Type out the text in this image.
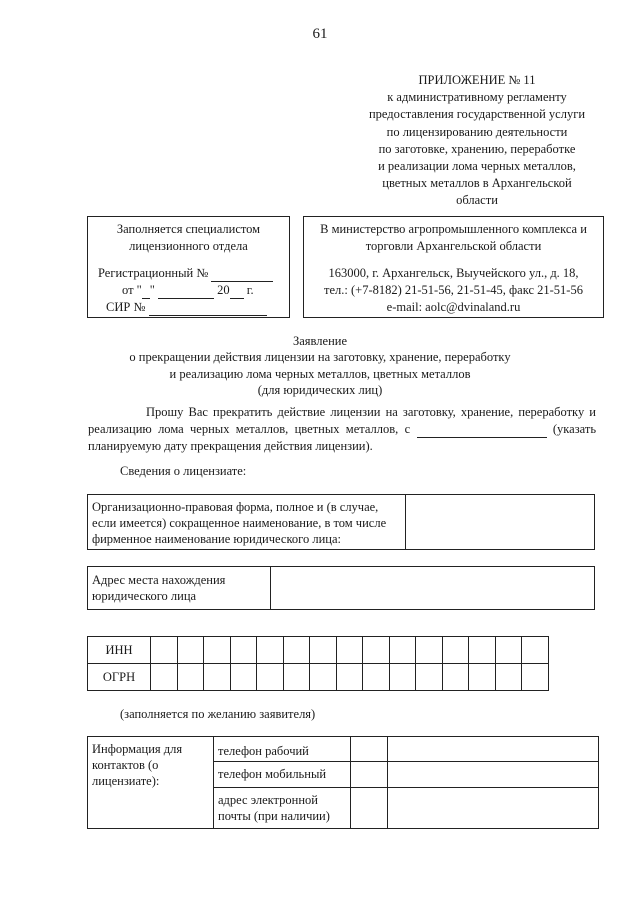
61
ПРИЛОЖЕНИЕ № 11
к административному регламенту
предоставления государственной услуги
по лицензированию деятельности
по заготовке, хранению, переработке
и реализации лома черных металлов,
цветных металлов в Архангельской
области
Заполняется специалистом
лицензионного отдела
Регистрационный №
от " "	20 г.
СИР №
В министерство агропромышленного комплекса и
торговли Архангельской области
163000, г. Архангельск, Выучейского ул., д. 18,
тел.: (+7-8182) 21-51-56, 21-51-45, факс 21-51-56
e-mail: aolc@dvinaland.ru
Заявление
о прекращении действия лицензии на заготовку, хранение, переработку
и реализацию лома черных металлов, цветных металлов
(для юридических лиц)
Прошу Вас прекратить действие лицензии на заготовку, хранение, переработку и реализацию лома черных металлов, цветных металлов, с	(указать планируемую дату прекращения действия лицензии).
Сведения о лицензиате:
Организационно-правовая форма, полное и (в случае, если имеется) сокращенное наименование, в том числе фирменное наименование юридического лица:	
Адрес места нахождения юридического лица	
ИНН															
ОГРН															
(заполняется по желанию заявителя)
Информация для контактов (о лицензиате):	телефон рабочий		
	телефон мобильный		
	адрес электронной почты (при наличии)		
